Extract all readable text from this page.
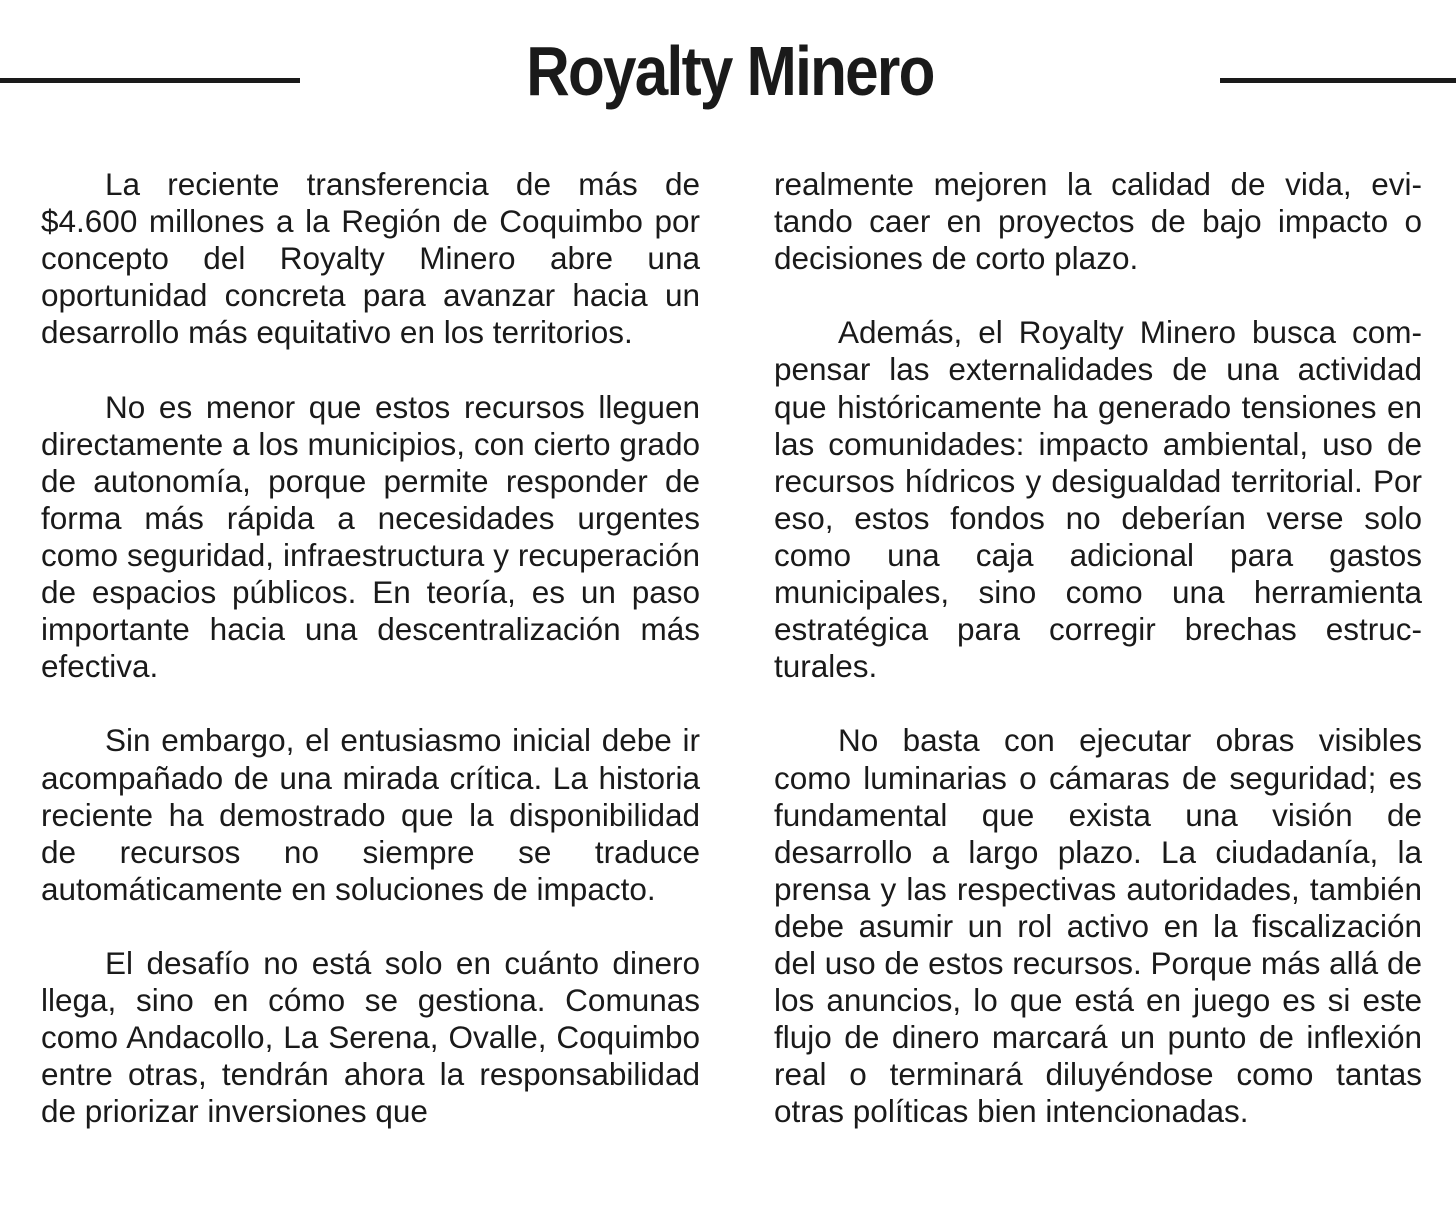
Royalty Minero

La reciente transferencia de más de $4.600 millones a la Región de Coquimbo por concepto del Royalty Minero abre una oportunidad concreta para avanzar hacia un desarrollo más equitativo en los territorios.

No es menor que estos recursos lleguen directamente a los municipios, con cierto grado de autonomía, porque permite responder de forma más rápida a necesidades urgentes como seguridad, infraestructura y recuperación de espacios públicos. En teoría, es un paso importante hacia una descentralización más efectiva.

Sin embargo, el entusiasmo inicial debe ir acompañado de una mirada crítica. La historia reciente ha demostrado que la disponibilidad de recursos no siempre se traduce automáticamente en soluciones de impacto.

El desafío no está solo en cuánto dinero llega, sino en cómo se gestiona. Comunas como Andacollo, La Serena, Ovalle, Coquimbo entre otras, tendrán ahora la responsabilidad de priorizar inversiones que

realmente mejoren la calidad de vida, evitando caer en proyectos de bajo impacto o decisiones de corto plazo.

Además, el Royalty Minero busca compensar las externalidades de una actividad que históricamente ha generado tensiones en las comunidades: impacto ambiental, uso de recursos hídricos y desigualdad territorial. Por eso, estos fondos no deberían verse solo como una caja adicional para gastos municipales, sino como una herramienta estratégica para corregir brechas estructurales.

No basta con ejecutar obras visibles como luminarias o cámaras de seguridad; es fundamental que exista una visión de desarrollo a largo plazo. La ciudadanía, la prensa y las respectivas autoridades, también debe asumir un rol activo en la fiscalización del uso de estos recursos. Porque más allá de los anuncios, lo que está en juego es si este flujo de dinero marcará un punto de inflexión real o terminará diluyéndose como tantas otras políticas bien intencionadas.
